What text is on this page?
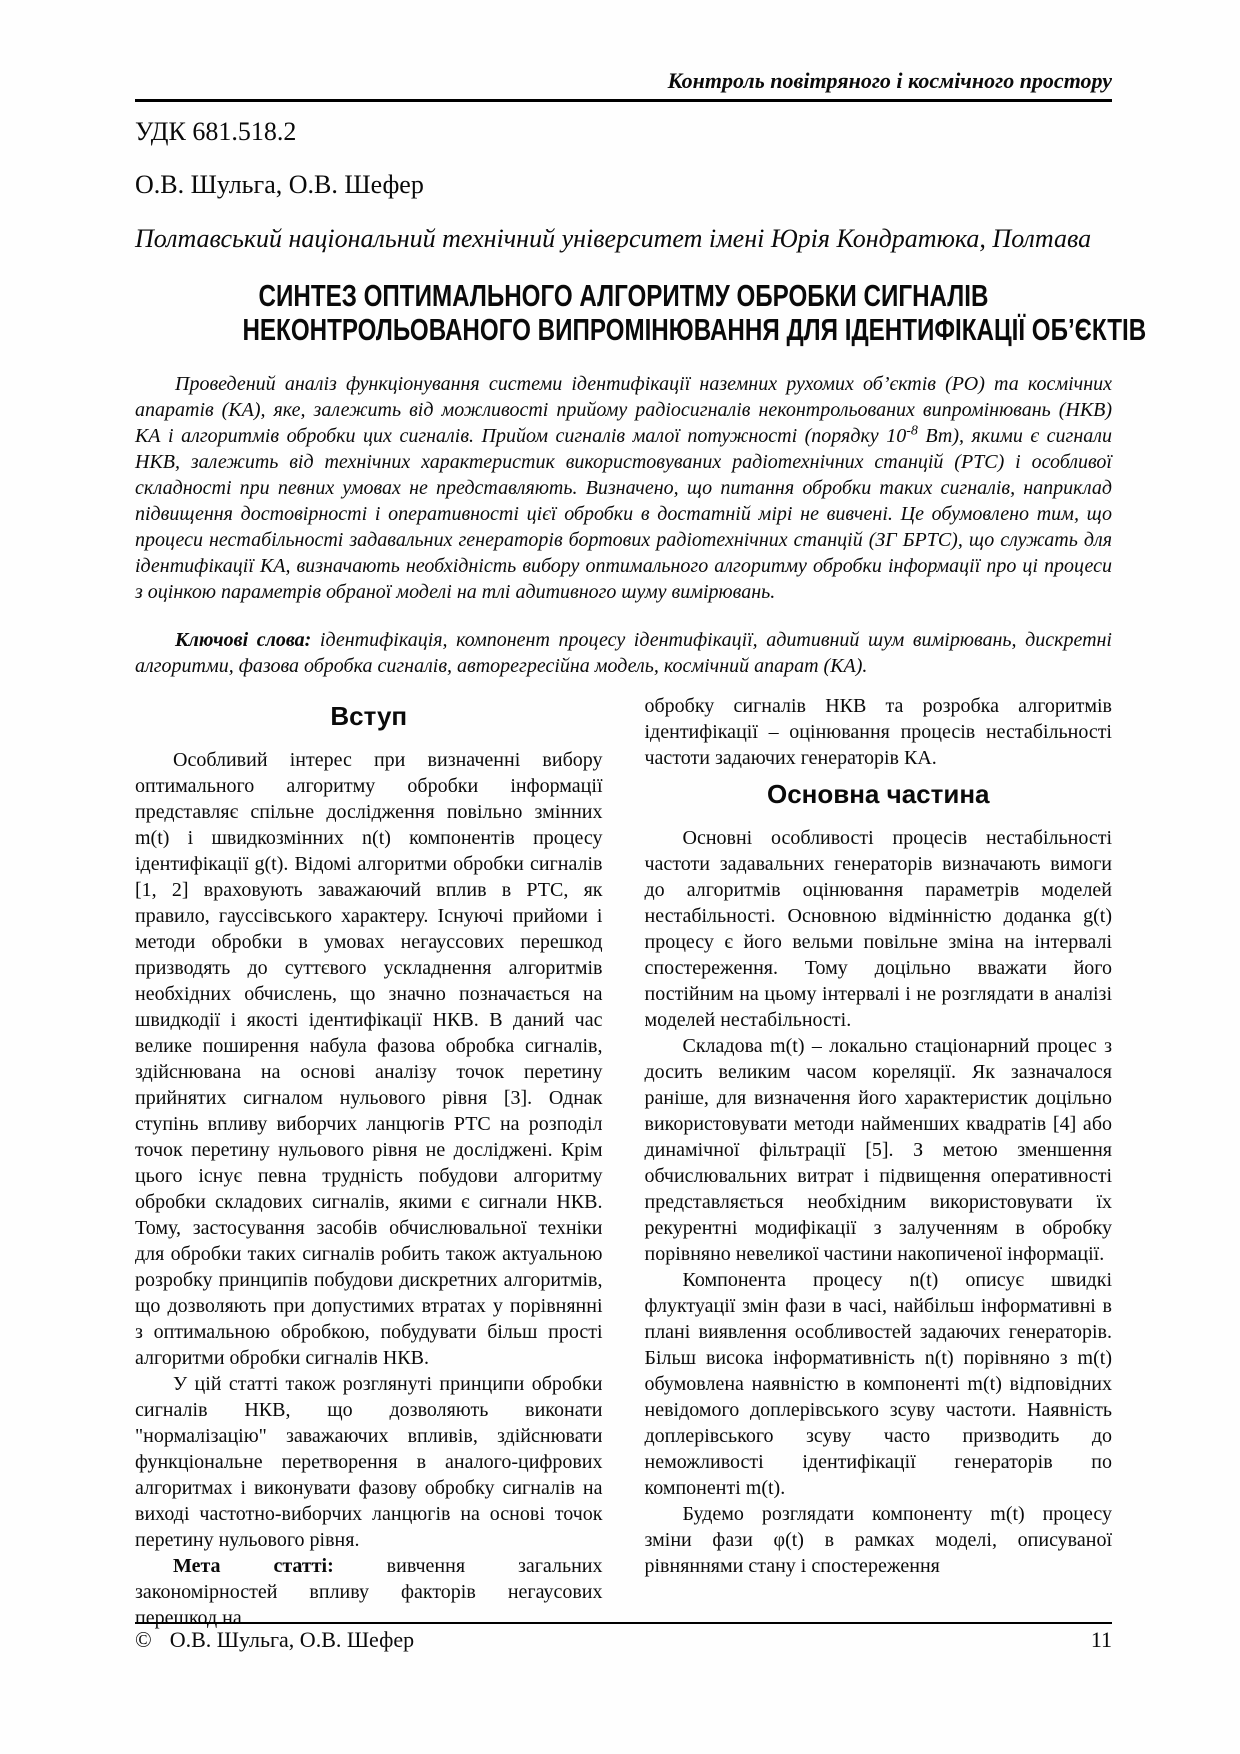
Контроль повітряного і космічного простору
УДК 681.518.2
О.В. Шульга, О.В. Шефер
Полтавський національний технічний університет імені Юрія Кондратюка, Полтава
СИНТЕЗ ОПТИМАЛЬНОГО АЛГОРИТМУ ОБРОБКИ СИГНАЛІВ
НЕКОНТРОЛЬОВАНОГО ВИПРОМІНЮВАННЯ ДЛЯ ІДЕНТИФІКАЦІЇ ОБ’ЄКТІВ

Проведений аналіз функціонування системи ідентифікації наземних рухомих об’єктів (РО) та космічних апаратів (КА), яке, залежить від можливості прийому радіосигналів неконтрольованих випромінювань (НКВ) КА і алгоритмів обробки цих сигналів. Прийом сигналів малої потужності (порядку $10^{-8}$ Вт), якими є сигнали НКВ, залежить від технічних характеристик використовуваних радіотехнічних станцій (РТС) і особливої складності при певних умовах не представляють. Визначено, що питання обробки таких сигналів, наприклад підвищення достовірності і оперативності цієї обробки в достатній мірі не вивчені. Це обумовлено тим, що процеси нестабільності задавальних генераторів бортових радіотехнічних станцій (ЗГ БРТС), що служать для ідентифікації КА, визначають необхідність вибору оптимального алгоритму обробки інформації про ці процеси з оцінкою параметрів обраної моделі на тлі адитивного шуму вимірювань.

Ключові слова: ідентифікація, компонент процесу ідентифікації, адитивний шум вимірювань, дискретні алгоритми, фазова обробка сигналів, авторегресійна модель, космічний апарат (КА).

Вступ

Особливий інтерес при визначенні вибору оптимального алгоритму обробки інформації представляє спільне дослідження повільно змінних m(t) і швидкозмінних n(t) компонентів процесу ідентифікації g(t). Відомі алгоритми обробки сигналів [1, 2] враховують заважаючий вплив в РТС, як правило, гауссівського характеру. Існуючі прийоми і методи обробки в умовах негауссових перешкод призводять до суттєвого ускладнення алгоритмів необхідних обчислень, що значно позначається на швидкодії і якості ідентифікації НКВ. В даний час велике поширення набула фазова обробка сигналів, здійснювана на основі аналізу точок перетину прийнятих сигналом нульового рівня [3]. Однак ступінь впливу виборчих ланцюгів РТС на розподіл точок перетину нульового рівня не досліджені. Крім цього існує певна трудність побудови алгоритму обробки складових сигналів, якими є сигнали НКВ. Тому, застосування засобів обчислювальної техніки для обробки таких сигналів робить також актуальною розробку принципів побудови дискретних алгоритмів, що дозволяють при допустимих втратах у порівнянні з оптимальною обробкою, побудувати більш прості алгоритми обробки сигналів НКВ.

У цій статті також розглянуті принципи обробки сигналів НКВ, що дозволяють виконати "нормалізацію" заважаючих впливів, здійснювати функціональне перетворення в аналого-цифрових алгоритмах і виконувати фазову обробку сигналів на виході частотно-виборчих ланцюгів на основі точок перетину нульового рівня.

Мета статті: вивчення загальних закономірностей впливу факторів негаусових перешкод на

обробку сигналів НКВ та розробка алгоритмів ідентифікації – оцінювання процесів нестабільності частоти задаючих генераторів КА.

Основна частина

Основні особливості процесів нестабільності частоти задавальних генераторів визначають вимоги до алгоритмів оцінювання параметрів моделей нестабільності. Основною відмінністю доданка g(t) процесу є його вельми повільне зміна на інтервалі спостереження. Тому доцільно вважати його постійним на цьому інтервалі і не розглядати в аналізі моделей нестабільності.

Складова m(t) – локально стаціонарний процес з досить великим часом кореляції. Як зазначалося раніше, для визначення його характеристик доцільно використовувати методи найменших квадратів [4] або динамічної фільтрації [5]. З метою зменшення обчислювальних витрат і підвищення оперативності представляється необхідним використовувати їх рекурентні модифікації з залученням в обробку порівняно невеликої частини накопиченої інформації.

Компонента процесу n(t) описує швидкі флуктуації змін фази в часі, найбільш інформативні в плані виявлення особливостей задаючих генераторів. Більш висока інформативність n(t) порівняно з m(t) обумовлена наявністю в компоненті m(t) відповідних невідомого доплерівського зсуву частоти. Наявність доплерівського зсуву часто призводить до неможливості ідентифікації генераторів по компоненті m(t).

Будемо розглядати компоненту m(t) процесу зміни фази φ(t) в рамках моделі, описуваної рівняннями стану і спостереження

© О.В. Шульга, О.В. Шефер	11
